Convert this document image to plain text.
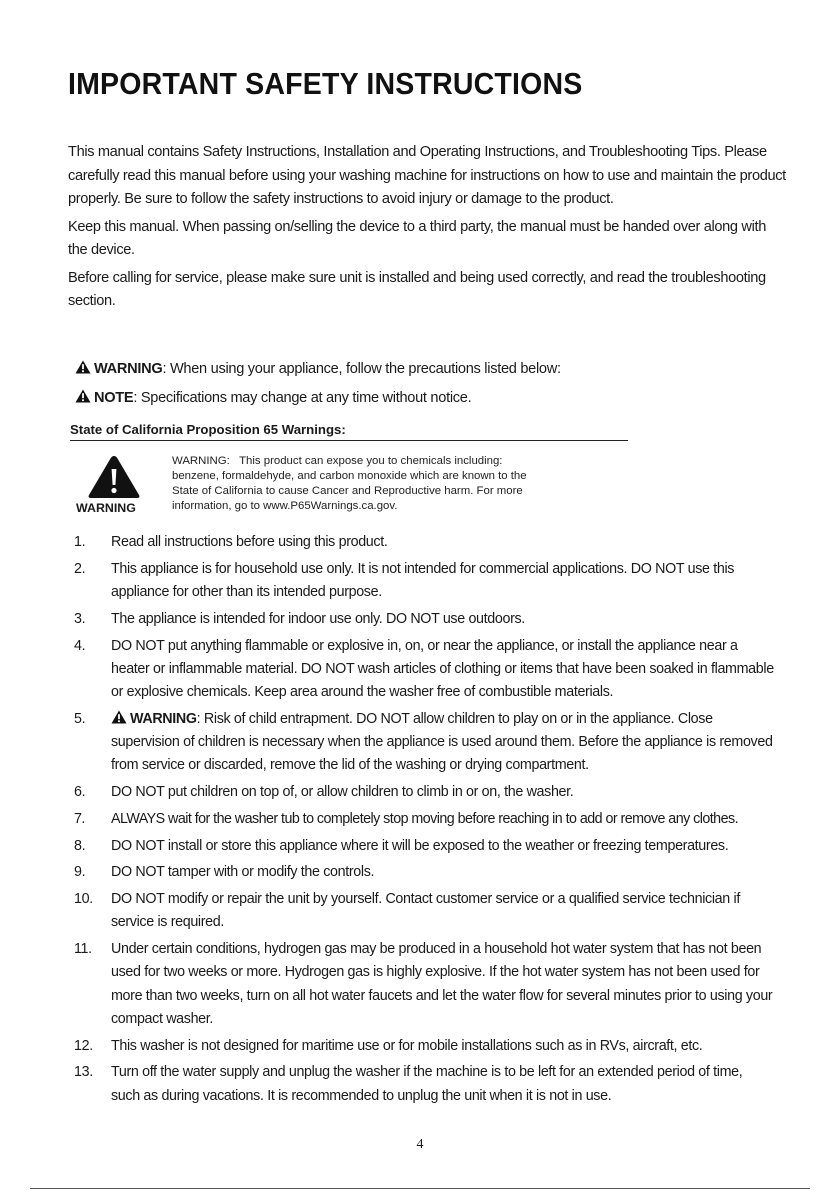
IMPORTANT SAFETY INSTRUCTIONS

This manual contains Safety Instructions, Installation and Operating Instructions, and Troubleshooting Tips. Please carefully read this manual before using your washing machine for instructions on how to use and maintain the product properly. Be sure to follow the safety instructions to avoid injury or damage to the product.

Keep this manual. When passing on/selling the device to a third party, the manual must be handed over along with the device.

Before calling for service, please make sure unit is installed and being used correctly, and read the troubleshooting section.

WARNING: When using your appliance, follow the precautions listed below:
NOTE: Specifications may change at any time without notice.
State of California Proposition 65 Warnings:
WARNING
WARNING:   This product can expose you to chemicals including:
benzene, formaldehyde, and carbon monoxide which are known to the
State of California to cause Cancer and Reproductive harm. For more
information, go to www.P65Warnings.ca.gov.
1. Read all instructions before using this product.
2. This appliance is for household use only. It is not intended for commercial applications. DO NOT use this appliance for other than its intended purpose.
3. The appliance is intended for indoor use only. DO NOT use outdoors.
4. DO NOT put anything flammable or explosive in, on, or near the appliance, or install the appliance near a heater or inflammable material. DO NOT wash articles of clothing or items that have been soaked in flammable or explosive chemicals. Keep area around the washer free of combustible materials.
5.	WARNING: Risk of child entrapment. DO NOT allow children to play on or in the appliance. Close supervision of children is necessary when the appliance is used around them. Before the appliance is removed from service or discarded, remove the lid of the washing or drying compartment.
6. DO NOT put children on top of, or allow children to climb in or on, the washer.
7. ALWAYS wait for the washer tub to completely stop moving before reaching in to add or remove any clothes.
8. DO NOT install or store this appliance where it will be exposed to the weather or freezing temperatures.
9. DO NOT tamper with or modify the controls.
10. DO NOT modify or repair the unit by yourself. Contact customer service or a qualified service technician if service is required.
11. Under certain conditions, hydrogen gas may be produced in a household hot water system that has not been used for two weeks or more. Hydrogen gas is highly explosive. If the hot water system has not been used for more than two weeks, turn on all hot water faucets and let the water flow for several minutes prior to using your compact washer.
12. This washer is not designed for maritime use or for mobile installations such as in RVs, aircraft, etc.
13. Turn off the water supply and unplug the washer if the machine is to be left for an extended period of time, such as during vacations. It is recommended to unplug the unit when it is not in use.
4
